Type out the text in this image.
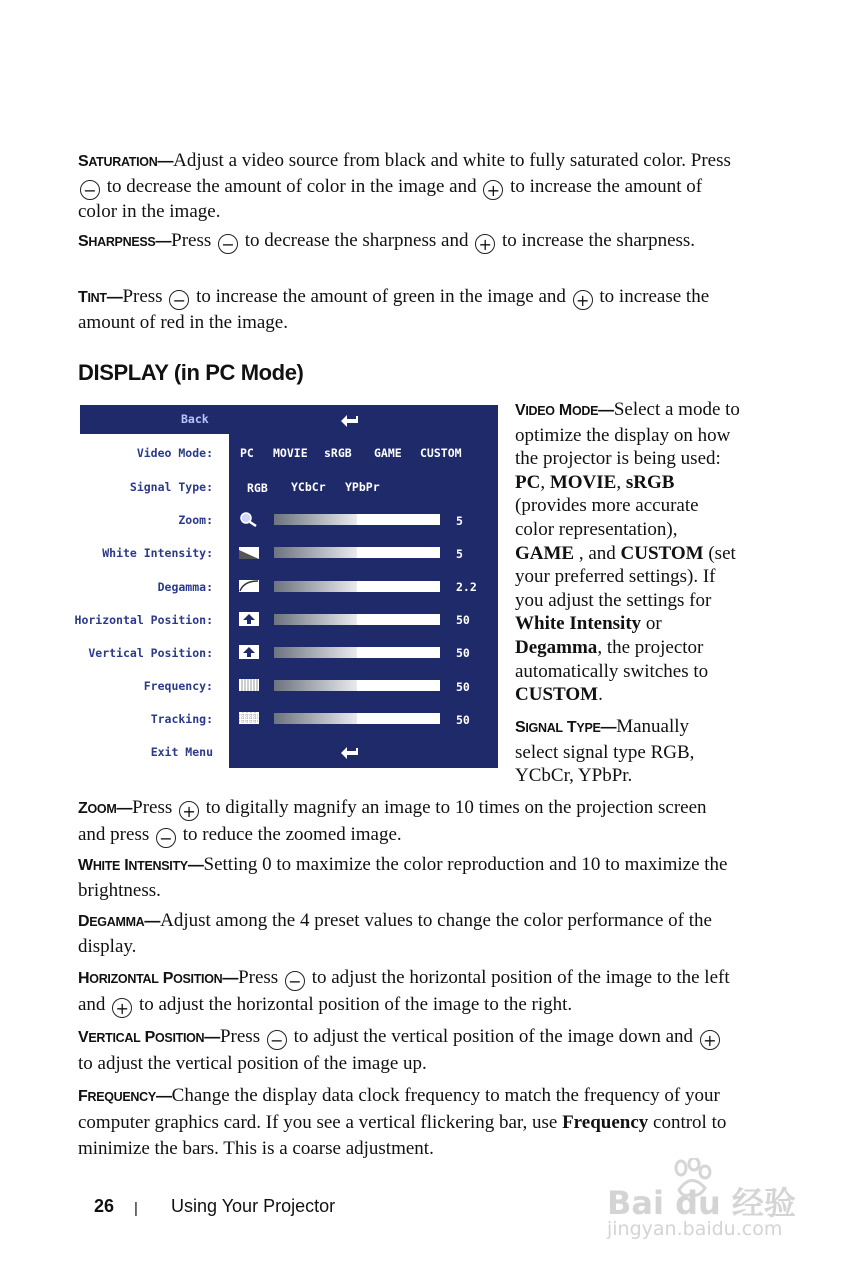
SATURATION—Adjust a video source from black and white to fully saturated color. Press − to decrease the amount of color in the image and + to increase the amount of color in the image.
SHARPNESS—Press − to decrease the sharpness and + to increase the sharpness.
TINT—Press − to increase the amount of green in the image and + to increase the amount of red in the image.
DISPLAY (in PC Mode)
Back
Video Mode:
Signal Type:
Zoom:
White Intensity:
Degamma:
Horizontal Position:
Vertical Position:
Frequency:
Tracking:
Exit Menu
PC MOVIE sRGB GAME CUSTOM
RGB YCbCr YPbPr
5
5
2.2
50
50
50
50
VIDEO MODE—Select a mode to optimize the display on how the projector is being used: PC, MOVIE, sRGB (provides more accurate color representation), GAME , and CUSTOM (set your preferred settings). If you adjust the settings for White Intensity or Degamma, the projector automatically switches to CUSTOM.
SIGNAL TYPE—Manually select signal type RGB, YCbCr, YPbPr.
ZOOM—Press + to digitally magnify an image to 10 times on the projection screen and press − to reduce the zoomed image.
WHITE INTENSITY—Setting 0 to maximize the color reproduction and 10 to maximize the brightness.
DEGAMMA—Adjust among the 4 preset values to change the color performance of the display.
HORIZONTAL POSITION—Press − to adjust the horizontal position of the image to the left and + to adjust the horizontal position of the image to the right.
VERTICAL POSITION—Press − to adjust the vertical position of the image down and + to adjust the vertical position of the image up.
FREQUENCY—Change the display data clock frequency to match the frequency of your computer graphics card. If you see a vertical flickering bar, use Frequency control to minimize the bars. This is a coarse adjustment.
26 | Using Your Projector	Bai du 经验
jingyan.baidu.com
